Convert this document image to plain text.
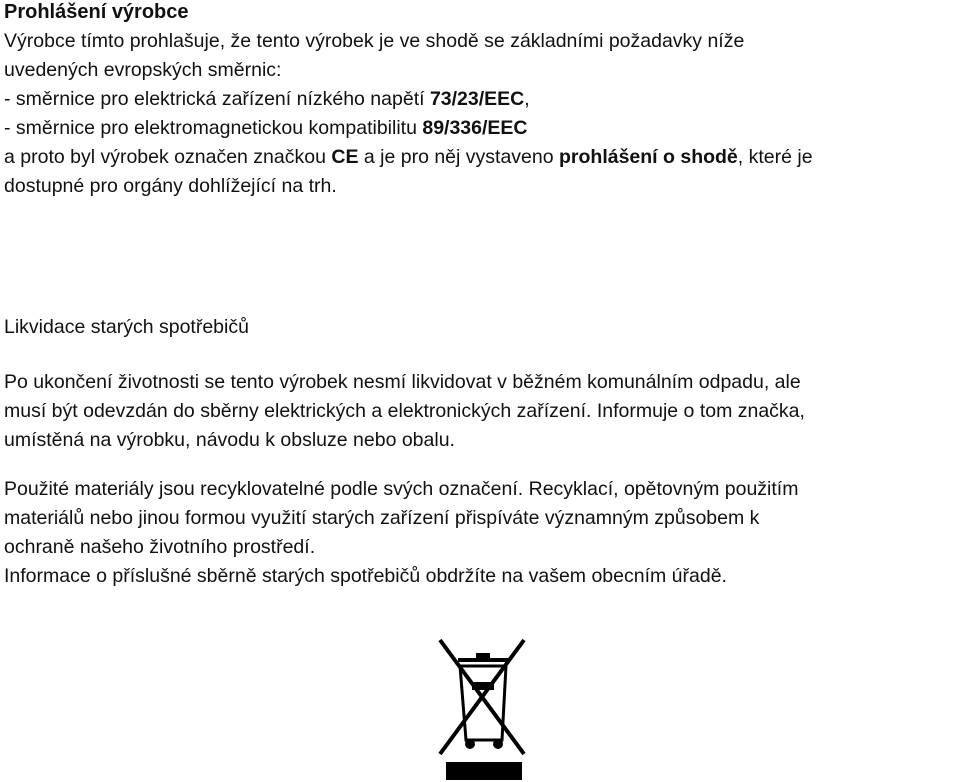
Prohlášení výrobce
Výrobce tímto prohlašuje, že tento výrobek je ve shodě se základními požadavky níže
uvedených evropských směrnic:
- směrnice pro elektrická zařízení nízkého napětí 73/23/EEC,
- směrnice pro elektromagnetickou kompatibilitu 89/336/EEC
a proto byl výrobek označen značkou CE a je pro něj vystaveno prohlášení o shodě, které je
dostupné pro orgány dohlížející na trh.
Likvidace starých spotřebičů
Po ukončení životnosti se tento výrobek nesmí likvidovat v běžném komunálním odpadu, ale
musí být odevzdán do sběrny elektrických a elektronických zařízení. Informuje o tom značka,
umístěná na výrobku, návodu k obsluze nebo obalu.
Použité materiály jsou recyklovatelné podle svých označení. Recyklací, opětovným použitím
materiálů nebo jinou formou využití starých zařízení přispíváte významným způsobem k
ochraně našeho životního prostředí.
Informace o příslušné sběrně starých spotřebičů obdržíte na vašem obecním úřadě.
